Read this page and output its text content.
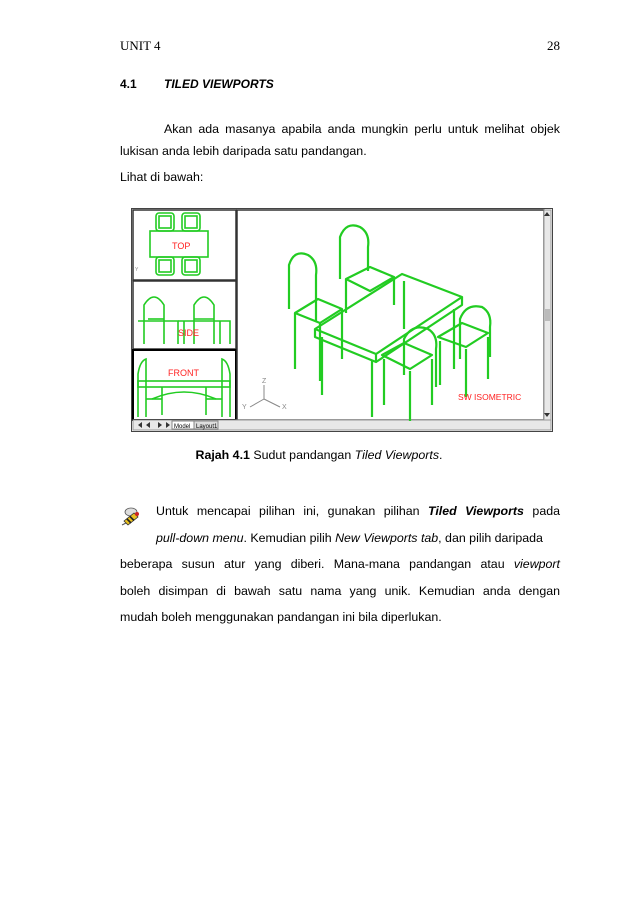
UNIT 4	28
4.1 TILED VIEWPORTS
Akan ada masanya apabila anda mungkin perlu untuk melihat objek lukisan anda lebih daripada satu pandangan.
Lihat di bawah:
Model Layout1
TOP
Y
SIDE
FRONT
SW ISOMETRIC
Z
Y	X
Rajah 4.1 Sudut pandangan Tiled Viewports.
Untuk mencapai pilihan ini, gunakan pilihan Tiled Viewports pada
pull-down menu. Kemudian pilih New Viewports tab, dan pilih daripada
beberapa susun atur yang diberi. Mana-mana pandangan atau viewport
boleh disimpan di bawah satu nama yang unik. Kemudian anda dengan
mudah boleh menggunakan pandangan ini bila diperlukan.
